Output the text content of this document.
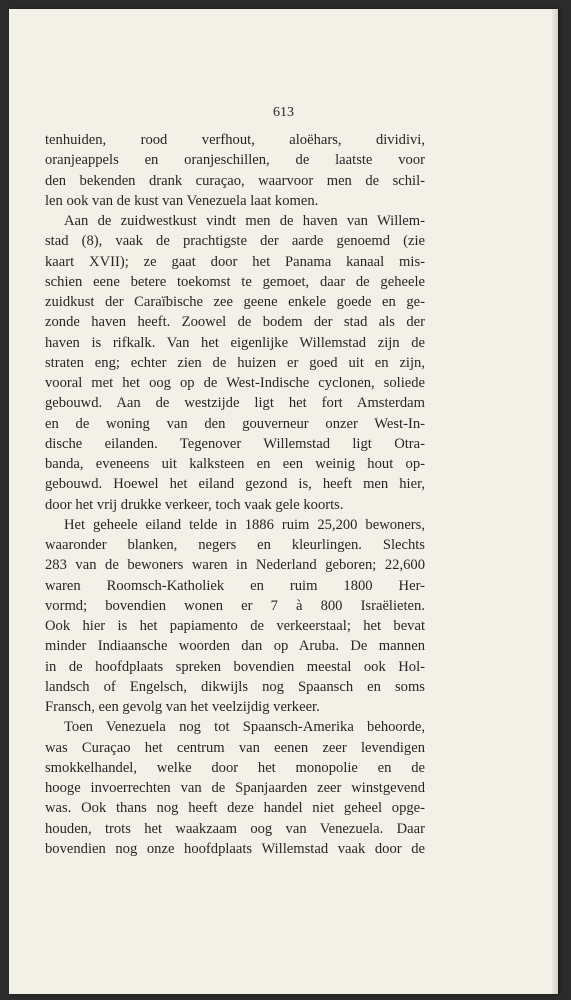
613
tenhuiden, rood verfhout, aloëhars, dividivi,
oranjeappels en oranjeschillen, de laatste voor
den bekenden drank curaçao, waarvoor men de schil-
len ook van de kust van Venezuela laat komen.
Aan de zuidwestkust vindt men de haven van Willem-
stad (8), vaak de prachtigste der aarde genoemd (zie
kaart XVII); ze gaat door het Panama kanaal mis-
schien eene betere toekomst te gemoet, daar de geheele
zuidkust der Caraïbische zee geene enkele goede en ge-
zonde haven heeft. Zoowel de bodem der stad als der
haven is rifkalk. Van het eigenlijke Willemstad zijn de
straten eng; echter zien de huizen er goed uit en zijn,
vooral met het oog op de West-Indische cyclonen, soliede
gebouwd. Aan de westzijde ligt het fort Amsterdam
en de woning van den gouverneur onzer West-In-
dische eilanden. Tegenover Willemstad ligt Otra-
banda, eveneens uit kalksteen en een weinig hout op-
gebouwd. Hoewel het eiland gezond is, heeft men hier,
door het vrij drukke verkeer, toch vaak gele koorts.
Het geheele eiland telde in 1886 ruim 25,200 bewoners,
waaronder blanken, negers en kleurlingen. Slechts
283 van de bewoners waren in Nederland geboren; 22,600
waren Roomsch-Katholiek en ruim 1800 Her-
vormd; bovendien wonen er 7 à 800 Israëlieten.
Ook hier is het papiamento de verkeerstaal; het bevat
minder Indiaansche woorden dan op Aruba. De mannen
in de hoofdplaats spreken bovendien meestal ook Hol-
landsch of Engelsch, dikwijls nog Spaansch en soms
Fransch, een gevolg van het veelzijdig verkeer.
Toen Venezuela nog tot Spaansch-Amerika behoorde,
was Curaçao het centrum van eenen zeer levendigen
smokkelhandel, welke door het monopolie en de
hooge invoerrechten van de Spanjaarden zeer winstgevend
was. Ook thans nog heeft deze handel niet geheel opge-
houden, trots het waakzaam oog van Venezuela. Daar
bovendien nog onze hoofdplaats Willemstad vaak door de
